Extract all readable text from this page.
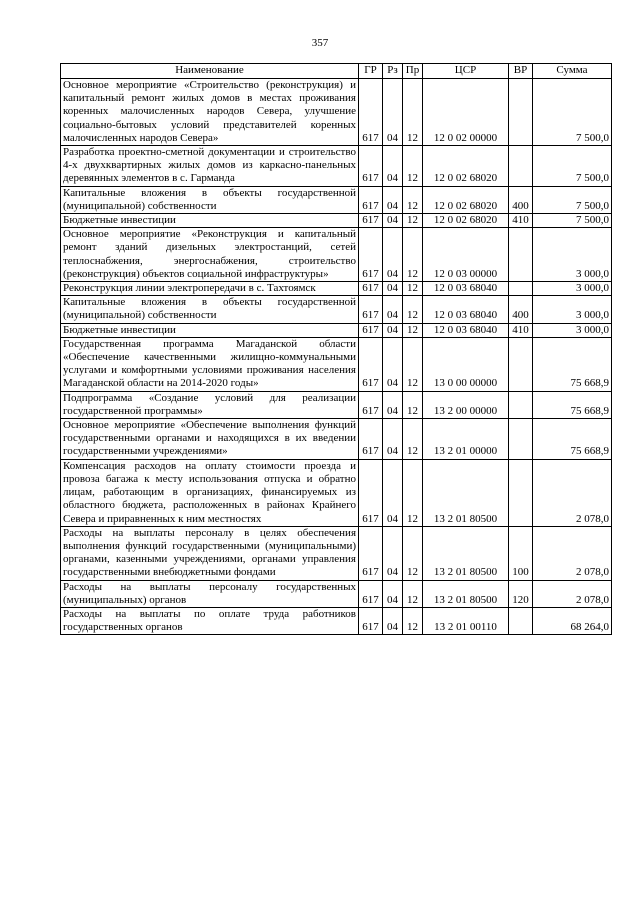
357
Наименование	ГР	Рз	Пр	ЦСР	ВР	Сумма
Основное мероприятие «Строительство (реконструкция) и капитальный ремонт жилых домов в местах проживания коренных малочисленных народов Севера, улучшение социально-бытовых условий представителей коренных малочисленных народов Севера»	617	04	12	12 0 02 00000		7 500,0
Разработка проектно-сметной документации и строительство 4-х двухквартирных жилых домов из каркасно-панельных деревянных элементов в с. Гарманда	617	04	12	12 0 02 68020		7 500,0
Капитальные вложения в объекты государственной (муниципальной) собственности	617	04	12	12 0 02 68020	400	7 500,0
Бюджетные инвестиции	617	04	12	12 0 02 68020	410	7 500,0
Основное мероприятие «Реконструкция и капитальный ремонт зданий дизельных электростанций, сетей теплоснабжения, энергоснабжения, строительство (реконструкция) объектов социальной инфраструктуры»	617	04	12	12 0 03 00000		3 000,0
Реконструкция линии электропередачи в с. Тахтоямск	617	04	12	12 0 03 68040		3 000,0
Капитальные вложения в объекты государственной (муниципальной) собственности	617	04	12	12 0 03 68040	400	3 000,0
Бюджетные инвестиции	617	04	12	12 0 03 68040	410	3 000,0
Государственная программа Магаданской области «Обеспечение качественными жилищно-коммунальными услугами и комфортными условиями проживания населения Магаданской области на 2014-2020 годы»	617	04	12	13 0 00 00000		75 668,9
Подпрограмма «Создание условий для реализации государственной программы»	617	04	12	13 2 00 00000		75 668,9
Основное мероприятие «Обеспечение выполнения функций государственными органами и находящихся в их введении государственными учреждениями»	617	04	12	13 2 01 00000		75 668,9
Компенсация расходов на оплату стоимости проезда и провоза багажа к месту использования отпуска и обратно лицам, работающим в организациях, финансируемых из областного бюджета, расположенных в районах Крайнего Севера и приравненных к ним местностях	617	04	12	13 2 01 80500		2 078,0
Расходы на выплаты персоналу в целях обеспечения выполнения функций государственными (муниципальными) органами, казенными учреждениями, органами управления государственными внебюджетными фондами	617	04	12	13 2 01 80500	100	2 078,0
Расходы на выплаты персоналу государственных (муниципальных) органов	617	04	12	13 2 01 80500	120	2 078,0
Расходы на выплаты по оплате труда работников государственных органов	617	04	12	13 2 01 00110		68 264,0
